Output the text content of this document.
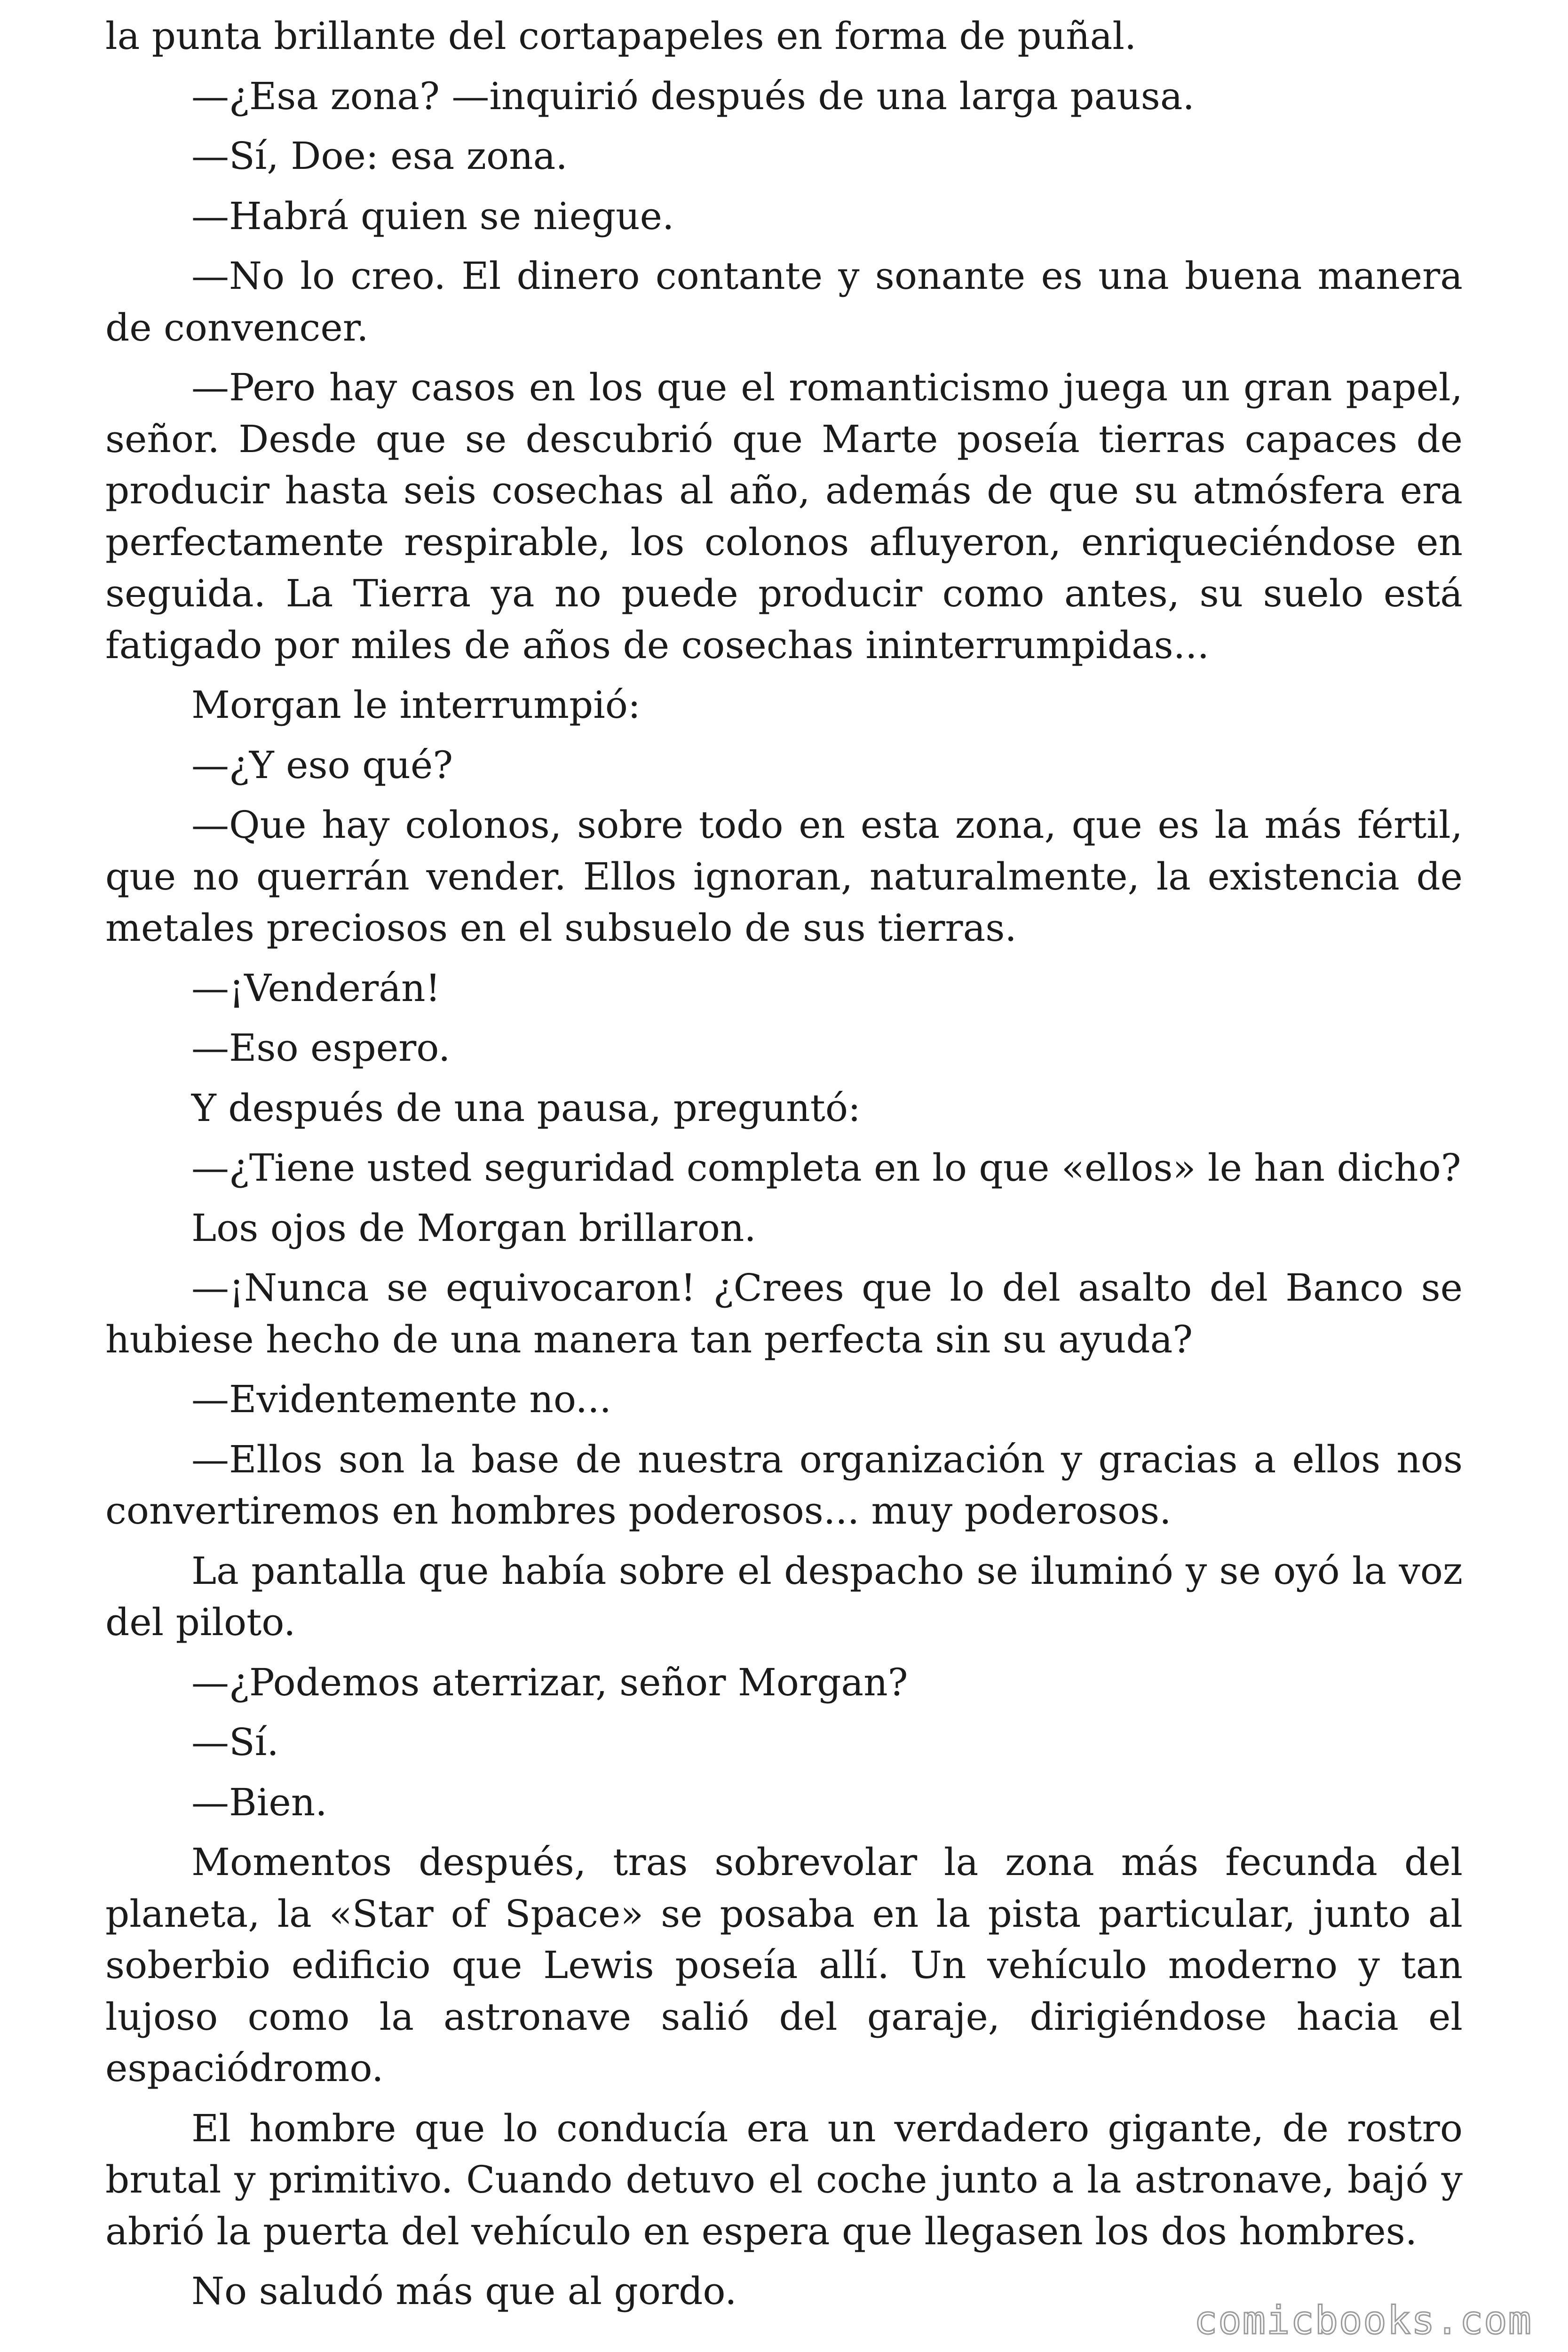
la punta brillante del cortapapeles en forma de puñal.

—¿Esa zona? —inquirió después de una larga pausa.

—Sí, Doe: esa zona.

—Habrá quien se niegue.

—No lo creo. El dinero contante y sonante es una buena manera de convencer.

—Pero hay casos en los que el romanticismo juega un gran papel, señor. Desde que se descubrió que Marte poseía tierras capaces de producir hasta seis cosechas al año, además de que su atmósfera era perfectamente respirable, los colonos afluyeron, enriqueciéndose en seguida. La Tierra ya no puede producir como antes, su suelo está fatigado por miles de años de cosechas ininterrumpidas...

Morgan le interrumpió:

—¿Y eso qué?

—Que hay colonos, sobre todo en esta zona, que es la más fértil, que no querrán vender. Ellos ignoran, naturalmente, la existencia de metales preciosos en el subsuelo de sus tierras.

—¡Venderán!

—Eso espero.

Y después de una pausa, preguntó:

—¿Tiene usted seguridad completa en lo que «ellos» le han dicho?

Los ojos de Morgan brillaron.

—¡Nunca se equivocaron! ¿Crees que lo del asalto del Banco se hubiese hecho de una manera tan perfecta sin su ayuda?

—Evidentemente no...

—Ellos son la base de nuestra organización y gracias a ellos nos convertiremos en hombres poderosos... muy poderosos.

La pantalla que había sobre el despacho se iluminó y se oyó la voz del piloto.

—¿Podemos aterrizar, señor Morgan?

—Sí.

—Bien.

Momentos después, tras sobrevolar la zona más fecunda del planeta, la «Star of Space» se posaba en la pista particular, junto al soberbio edificio que Lewis poseía allí. Un vehículo moderno y tan lujoso como la astronave salió del garaje, dirigiéndose hacia el espaciódromo.

El hombre que lo conducía era un verdadero gigante, de rostro brutal y primitivo. Cuando detuvo el coche junto a la astronave, bajó y abrió la puerta del vehículo en espera que llegasen los dos hombres.

No saludó más que al gordo.

comicbooks.com
